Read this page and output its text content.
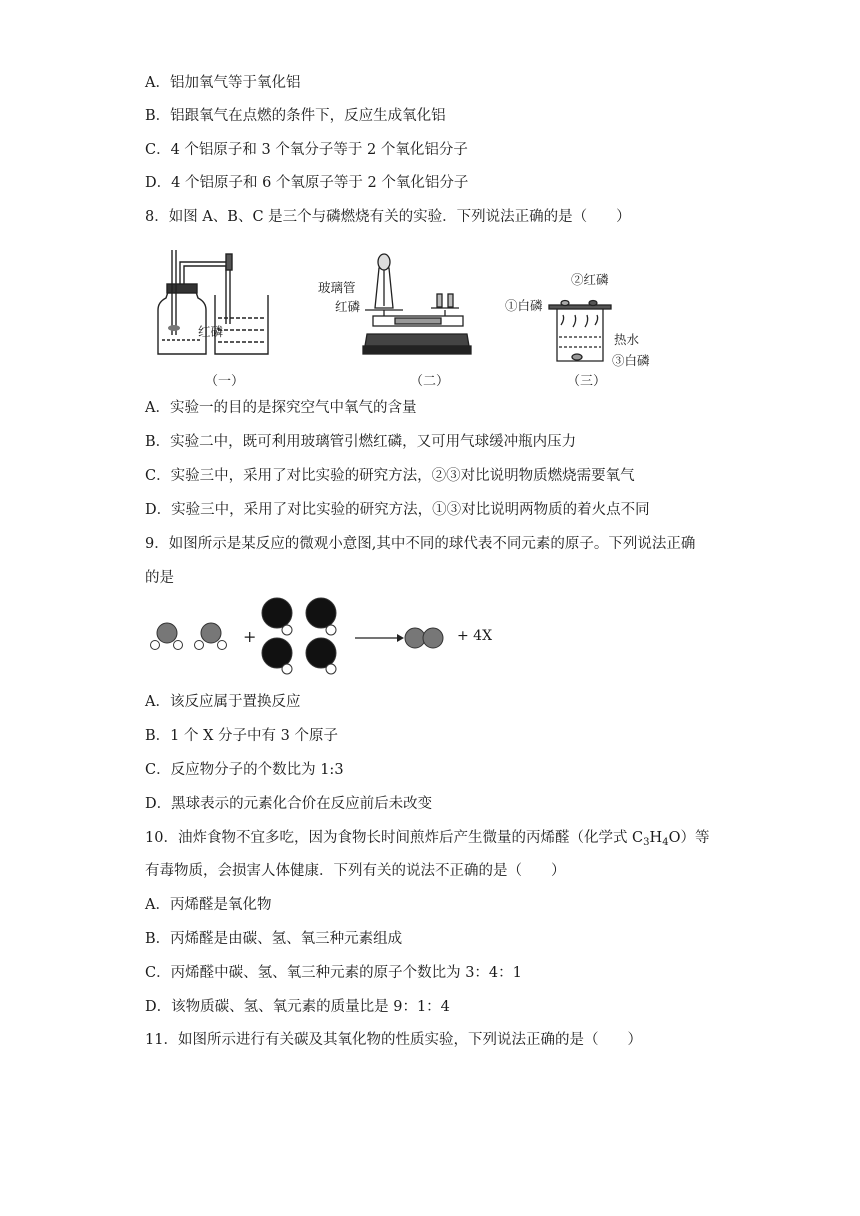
A．铝加氧气等于氧化铝
B．铝跟氧气在点燃的条件下，反应生成氧化铝
C．4 个铝原子和 3 个氧分子等于 2 个氧化铝分子
D．4 个铝原子和 6 个氧原子等于 2 个氧化铝分子
8．如图 A、B、C 是三个与磷燃烧有关的实验．下列说法正确的是（　　）
红磷
（一）
玻璃管
红磷
（二）
②红磷
①白磷
热水
③白磷
（三）
A．实验一的目的是探究空气中氧气的含量
B．实验二中，既可利用玻璃管引燃红磷，又可用气球缓冲瓶内压力
C．实验三中，采用了对比实验的研究方法，②③对比说明物质燃烧需要氧气
D．实验三中，采用了对比实验的研究方法，①③对比说明两物质的着火点不同
9．如图所示是某反应的微观小意图,其中不同的球代表不同元素的原子。下列说法正确
的是
+	+ 4X
A．该反应属于置换反应
B．1 个 X 分子中有 3 个原子
C．反应物分子的个数比为 1:3
D．黑球表示的元素化合价在反应前后未改变
10．油炸食物不宜多吃，因为食物长时间煎炸后产生微量的丙烯醛（化学式 $C_3H_4O$）等
有毒物质，会损害人体健康．下列有关的说法不正确的是（　　）
A．丙烯醛是氧化物
B．丙烯醛是由碳、氢、氧三种元素组成
C．丙烯醛中碳、氢、氧三种元素的原子个数比为 3：4：1
D．该物质碳、氢、氧元素的质量比是 9：1：4
11．如图所示进行有关碳及其氧化物的性质实验，下列说法正确的是（　　）
